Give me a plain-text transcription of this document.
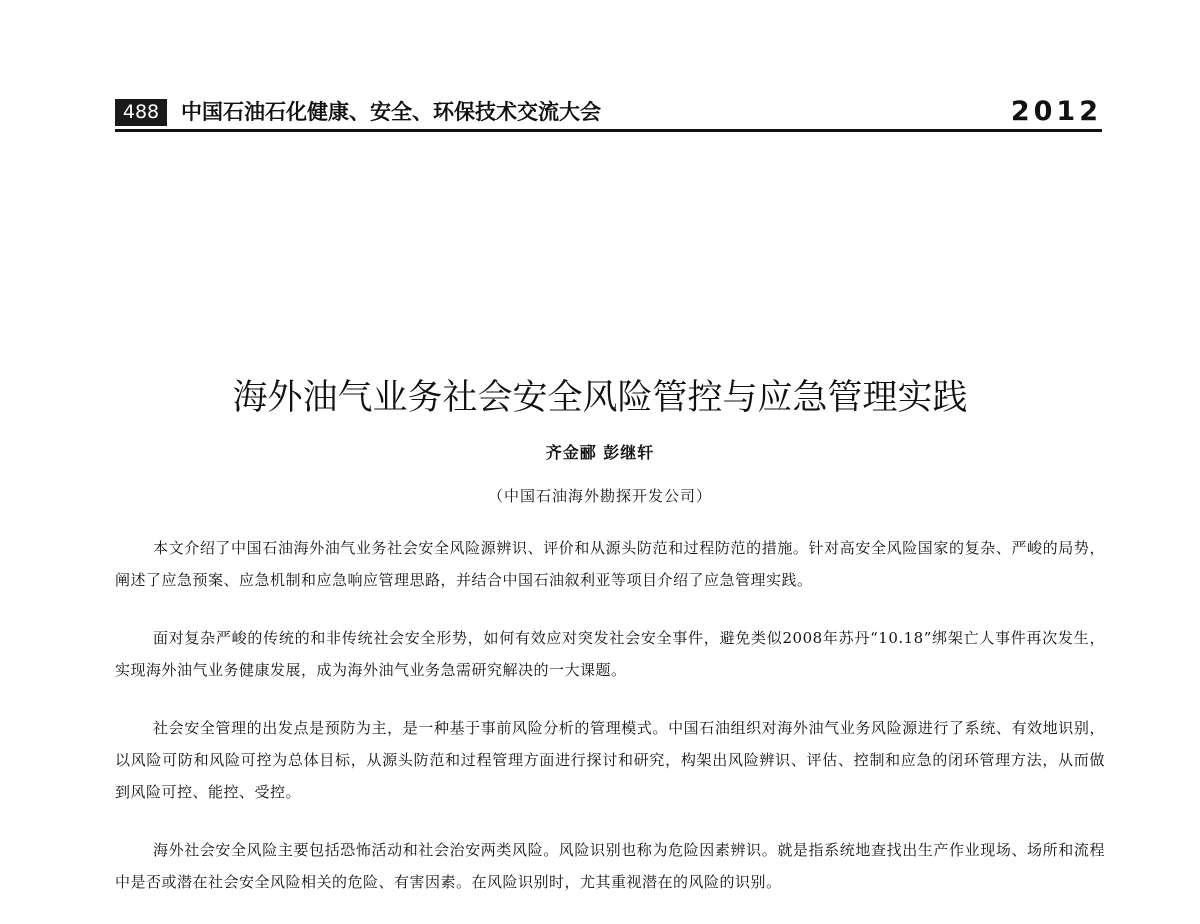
488	中国石油石化健康、安全、环保技术交流大会	2012
海外油气业务社会安全风险管控与应急管理实践
齐金郦 彭继轩
（中国石油海外勘探开发公司）

本文介绍了中国石油海外油气业务社会安全风险源辨识、评价和从源头防范和过程防范的措施。针对高安全风险国家的复杂、严峻的局势，阐述了应急预案、应急机制和应急响应管理思路，并结合中国石油叙利亚等项目介绍了应急管理实践。

面对复杂严峻的传统的和非传统社会安全形势，如何有效应对突发社会安全事件，避免类似2008年苏丹“10.18”绑架亡人事件再次发生，实现海外油气业务健康发展，成为海外油气业务急需研究解决的一大课题。

社会安全管理的出发点是预防为主，是一种基于事前风险分析的管理模式。中国石油组织对海外油气业务风险源进行了系统、有效地识别，以风险可防和风险可控为总体目标，从源头防范和过程管理方面进行探讨和研究，构架出风险辨识、评估、控制和应急的闭环管理方法，从而做到风险可控、能控、受控。

海外社会安全风险主要包括恐怖活动和社会治安两类风险。风险识别也称为危险因素辨识。就是指系统地查找出生产作业现场、场所和流程中是否或潜在社会安全风险相关的危险、有害因素。在风险识别时，尤其重视潜在的风险的识别。
